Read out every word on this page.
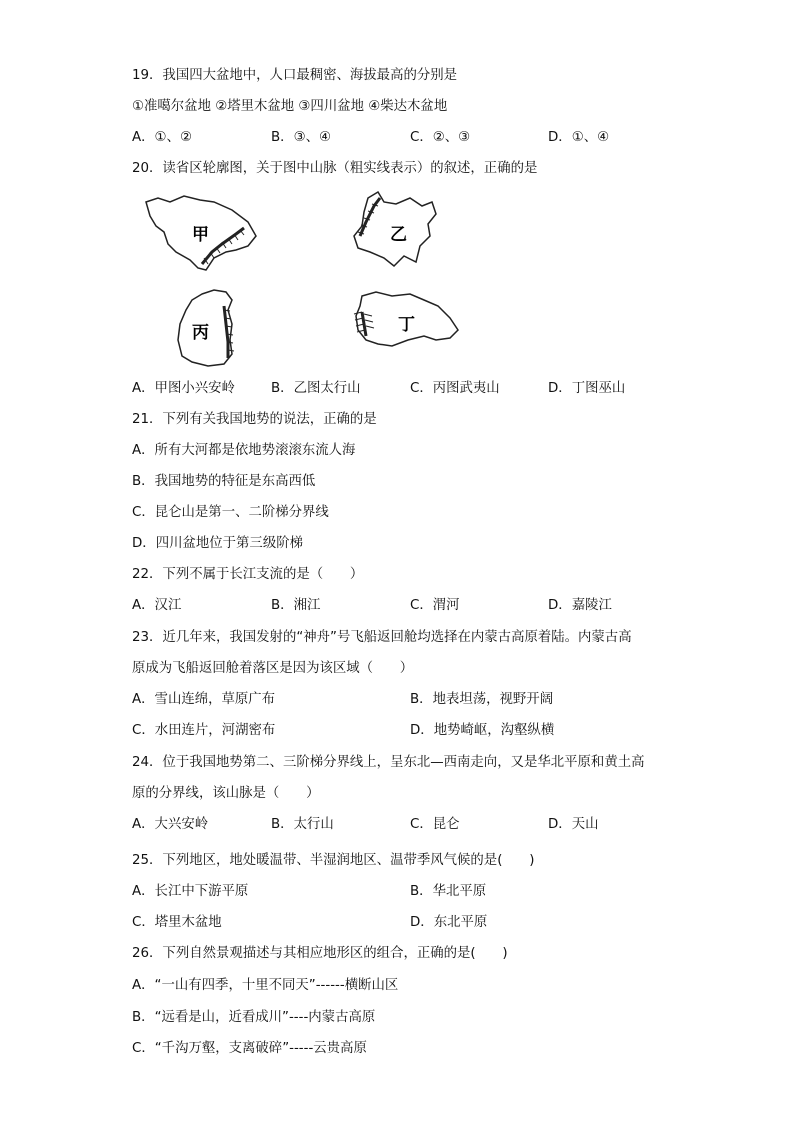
19．我国四大盆地中，人口最稠密、海拔最高的分别是
①准噶尔盆地 ②塔里木盆地 ③四川盆地 ④柴达木盆地
A．①、②	B．③、④	C．②、③	D．①、④
20．读省区轮廓图，关于图中山脉（粗实线表示）的叙述，正确的是
甲	乙
丙	丁
A．甲图小兴安岭	B．乙图太行山	C．丙图武夷山	D．丁图巫山
21．下列有关我国地势的说法，正确的是
A．所有大河都是依地势滚滚东流人海
B．我国地势的特征是东高西低
C．昆仑山是第一、二阶梯分界线
D．四川盆地位于第三级阶梯
22．下列不属于长江支流的是（　　）
A．汉江	B．湘江	C．渭河	D．嘉陵江
23．近几年来，我国发射的“神舟”号飞船返回舱均选择在内蒙古高原着陆。内蒙古高
原成为飞船返回舱着落区是因为该区域（　　）
A．雪山连绵，草原广布	B．地表坦荡，视野开阔
C．水田连片，河湖密布	D．地势崎岖，沟壑纵横
24．位于我国地势第二、三阶梯分界线上，呈东北—西南走向，又是华北平原和黄土高
原的分界线，该山脉是（　　）
A．大兴安岭	B．太行山	C．昆仑	D．天山
25．下列地区，地处暖温带、半湿润地区、温带季风气候的是(　　)
A．长江中下游平原	B．华北平原
C．塔里木盆地	D．东北平原
26．下列自然景观描述与其相应地形区的组合，正确的是(　　)
A．“一山有四季，十里不同天”------横断山区
B．“远看是山，近看成川”----内蒙古高原
C．“千沟万壑，支离破碎”-----云贵高原
